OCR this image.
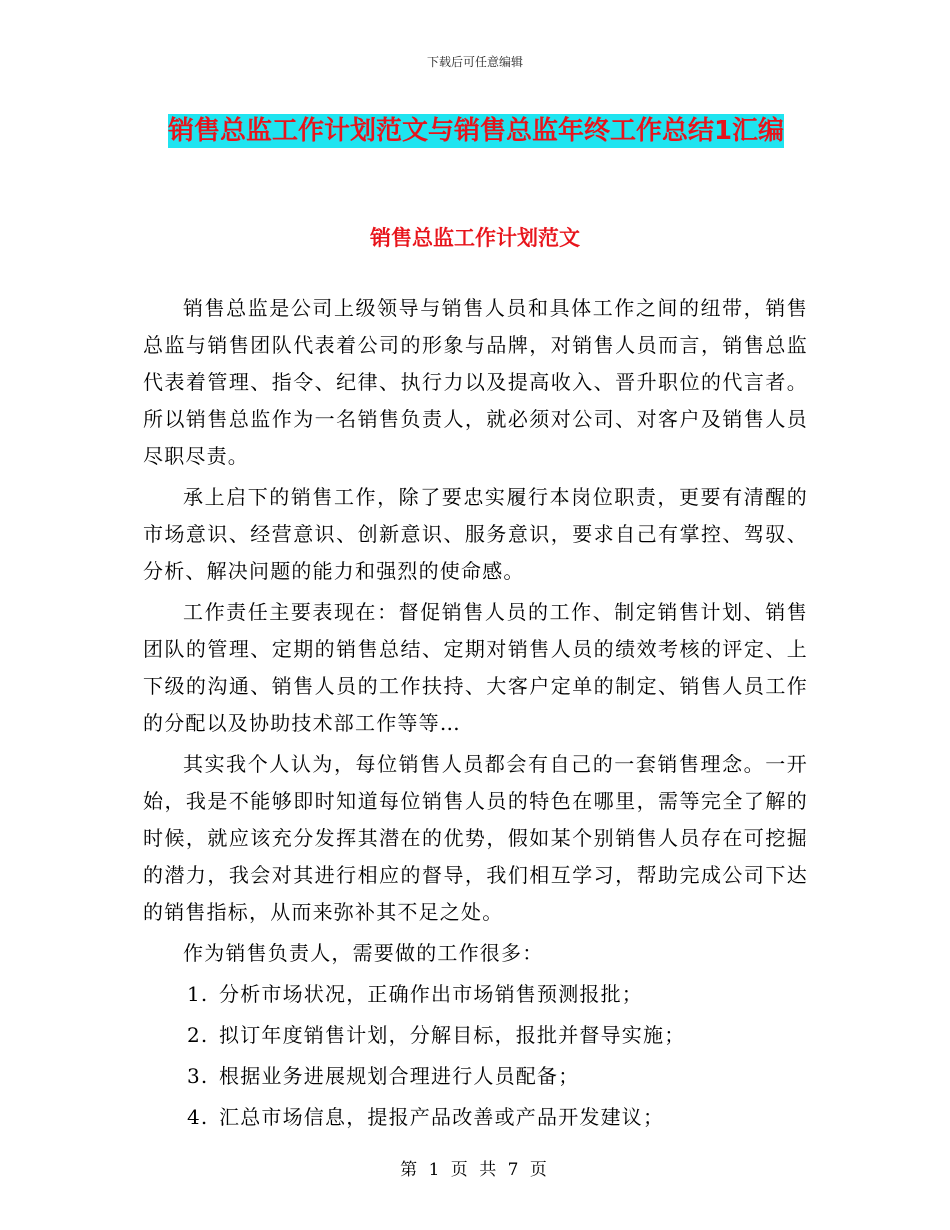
下载后可任意编辑
销售总监工作计划范文与销售总监年终工作总结1汇编
销售总监工作计划范文

销售总监是公司上级领导与销售人员和具体工作之间的纽带，销售总监与销售团队代表着公司的形象与品牌，对销售人员而言，销售总监代表着管理、指令、纪律、执行力以及提高收入、晋升职位的代言者。 所以销售总监作为一名销售负责人，就必须对公司、对客户及销售人员尽职尽责。

承上启下的销售工作，除了要忠实履行本岗位职责，更要有清醒的市场意识、经营意识、创新意识、服务意识，要求自己有掌控、驾驭、分析、解决问题的能力和强烈的使命感。

工作责任主要表现在：督促销售人员的工作、制定销售计划、销售团队的管理、定期的销售总结、定期对销售人员的绩效考核的评定、上下级的沟通、销售人员的工作扶持、大客户定单的制定、销售人员工作的分配以及协助技术部工作等等…

其实我个人认为，每位销售人员都会有自己的一套销售理念。一开始，我是不能够即时知道每位销售人员的特色在哪里，需等完全了解的时候，就应该充分发挥其潜在的优势，假如某个别销售人员存在可挖掘的潜力，我会对其进行相应的督导，我们相互学习，帮助完成公司下达的销售指标，从而来弥补其不足之处。

作为销售负责人，需要做的工作很多：

1. 分析市场状况，正确作出市场销售预测报批；
2. 拟订年度销售计划，分解目标，报批并督导实施；
3. 根据业务进展规划合理进行人员配备；
4. 汇总市场信息，提报产品改善或产品开发建议；
第 1 页 共 7 页
